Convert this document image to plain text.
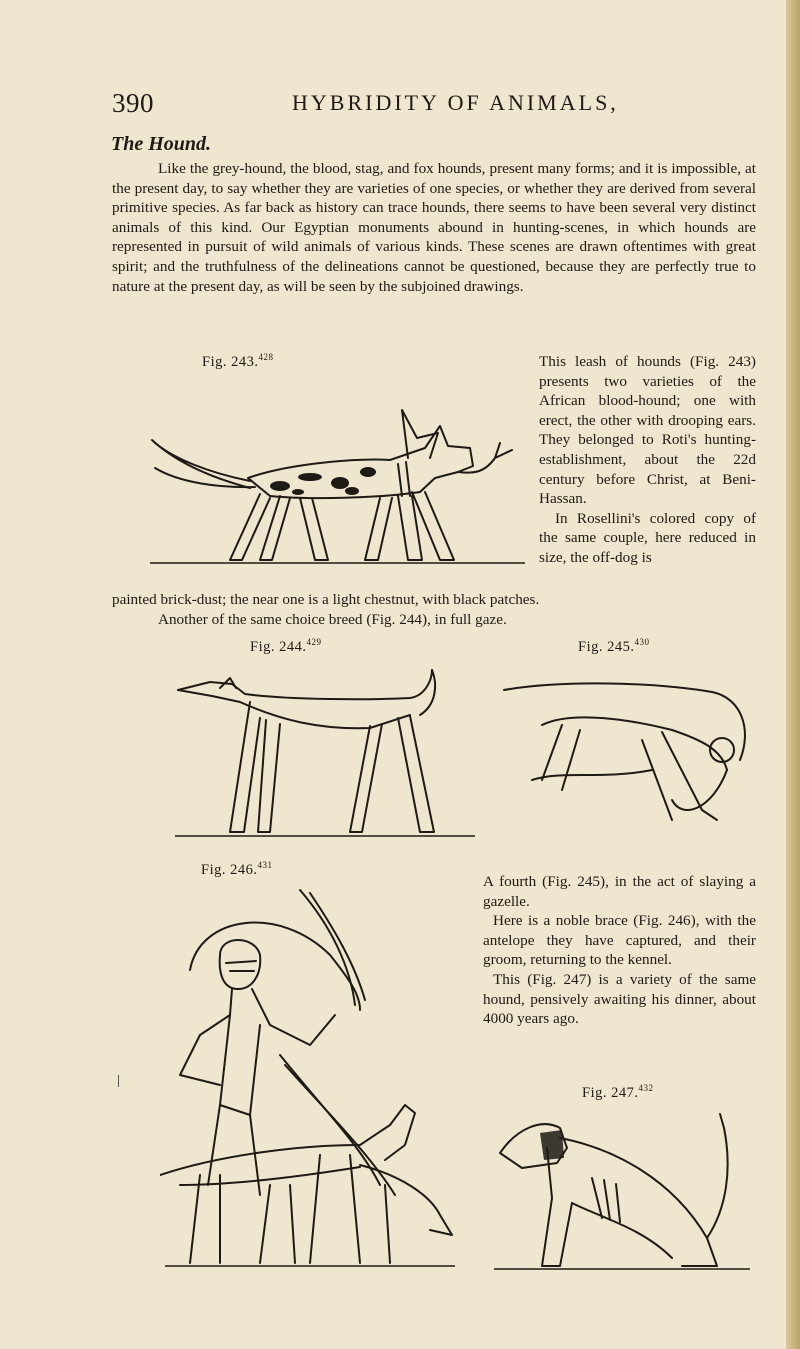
390	HYBRIDITY OF ANIMALS,
The Hound.
Like the grey-hound, the blood, stag, and fox hounds, present many forms; and it is impossible, at the present day, to say whether they are varieties of one species, or whether they are derived from several primitive species. As far back as history can trace hounds, there seems to have been several very distinct animals of this kind. Our Egyptian monuments abound in hunting-scenes, in which hounds are represented in pursuit of wild animals of various kinds. These scenes are drawn oftentimes with great spirit; and the truthfulness of the delineations cannot be questioned, because they are perfectly true to nature at the present day, as will be seen by the subjoined drawings.
Fig. 243.$^{428}$	This leash of hounds (Fig. 243) presents two varieties of the African blood-hound; one with erect, the other with drooping ears. They belonged to Roti's hunting-establishment, about the 22d century before Christ, at Beni-Hassan.

In Rosellini's colored copy of the same couple, here reduced in size, the off-dog is

painted brick-dust; the near one is a light chestnut, with black patches.
Another of the same choice breed (Fig. 244), in full gaze.
Fig. 244.$^{429}$	Fig. 245.$^{430}$
Fig. 246.$^{431}$

A fourth (Fig. 245), in the act of slaying a gazelle.

Here is a noble brace (Fig. 246), with the antelope they have captured, and their groom, returning to the kennel.

This (Fig. 247) is a variety of the same hound, pensively awaiting his dinner, about 4000 years ago.

Fig. 247.$^{432}$
